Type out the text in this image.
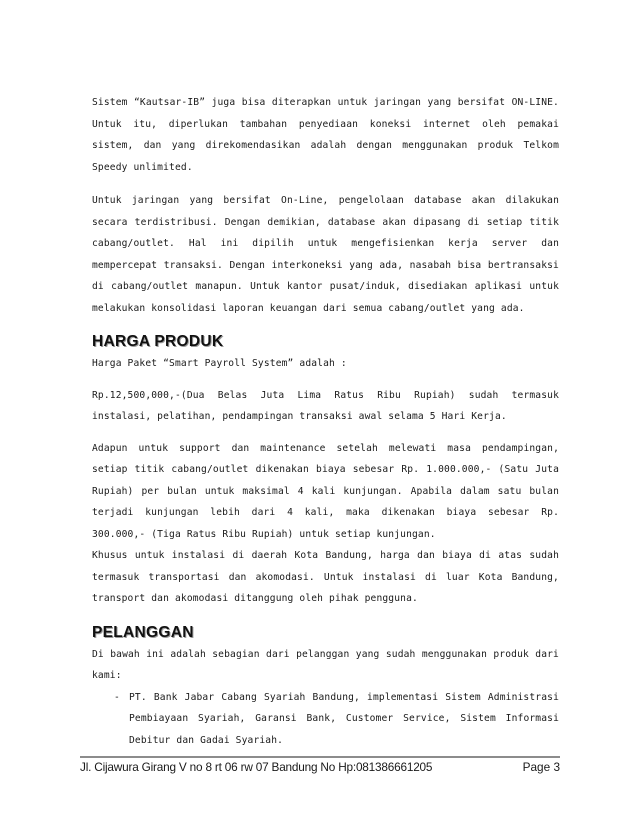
Sistem “Kautsar-IB” juga bisa diterapkan untuk jaringan yang bersifat ON-LINE. Untuk itu, diperlukan tambahan penyediaan koneksi internet oleh pemakai sistem, dan yang direkomendasikan adalah dengan menggunakan produk Telkom Speedy unlimited.

Untuk jaringan yang bersifat On-Line, pengelolaan database akan dilakukan secara terdistribusi. Dengan demikian, database akan dipasang di setiap titik cabang/outlet. Hal ini dipilih untuk mengefisienkan kerja server dan mempercepat transaksi. Dengan interkoneksi yang ada, nasabah bisa bertransaksi di cabang/outlet manapun. Untuk kantor pusat/induk, disediakan aplikasi untuk melakukan konsolidasi laporan keuangan dari semua cabang/outlet yang ada.

HARGA PRODUK

Harga Paket “Smart Payroll System” adalah :

Rp.12,500,000,-(Dua Belas Juta Lima Ratus Ribu Rupiah) sudah termasuk instalasi, pelatihan, pendampingan transaksi awal selama 5 Hari Kerja.

Adapun untuk support dan maintenance setelah melewati masa pendampingan, setiap titik cabang/outlet dikenakan biaya sebesar Rp. 1.000.000,- (Satu Juta Rupiah) per bulan untuk maksimal 4 kali kunjungan. Apabila dalam satu bulan terjadi kunjungan lebih dari 4 kali, maka dikenakan biaya sebesar Rp. 300.000,- (Tiga Ratus Ribu Rupiah) untuk setiap kunjungan.

Khusus untuk instalasi di daerah Kota Bandung, harga dan biaya di atas sudah termasuk transportasi dan akomodasi. Untuk instalasi di luar Kota Bandung, transport dan akomodasi ditanggung oleh pihak pengguna.

PELANGGAN

Di bawah ini adalah sebagian dari pelanggan yang sudah menggunakan produk dari kami:

- PT. Bank Jabar Cabang Syariah Bandung, implementasi Sistem Administrasi Pembiayaan Syariah, Garansi Bank, Customer Service, Sistem Informasi Debitur dan Gadai Syariah.
Jl. Cijawura Girang V no 8 rt 06 rw 07 Bandung No Hp:081386661205	Page 3
